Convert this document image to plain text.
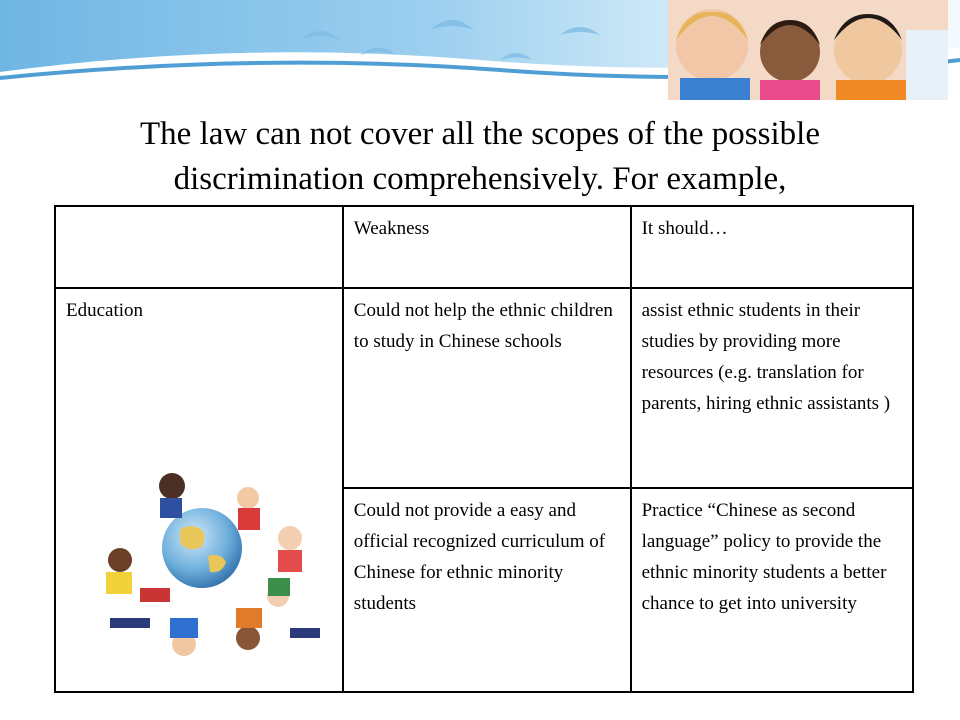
The law can not cover all the scopes of the possible
discrimination comprehensively. For example,
	Weakness	It should…
Education	Could not help the ethnic children to study in Chinese schools	assist ethnic students in their studies by providing more resources (e.g. translation for parents, hiring ethnic assistants )
	Could not provide a easy and official recognized curriculum of Chinese for ethnic minority students	Practice “Chinese as second language” policy to provide the ethnic minority students a better chance to get into university
